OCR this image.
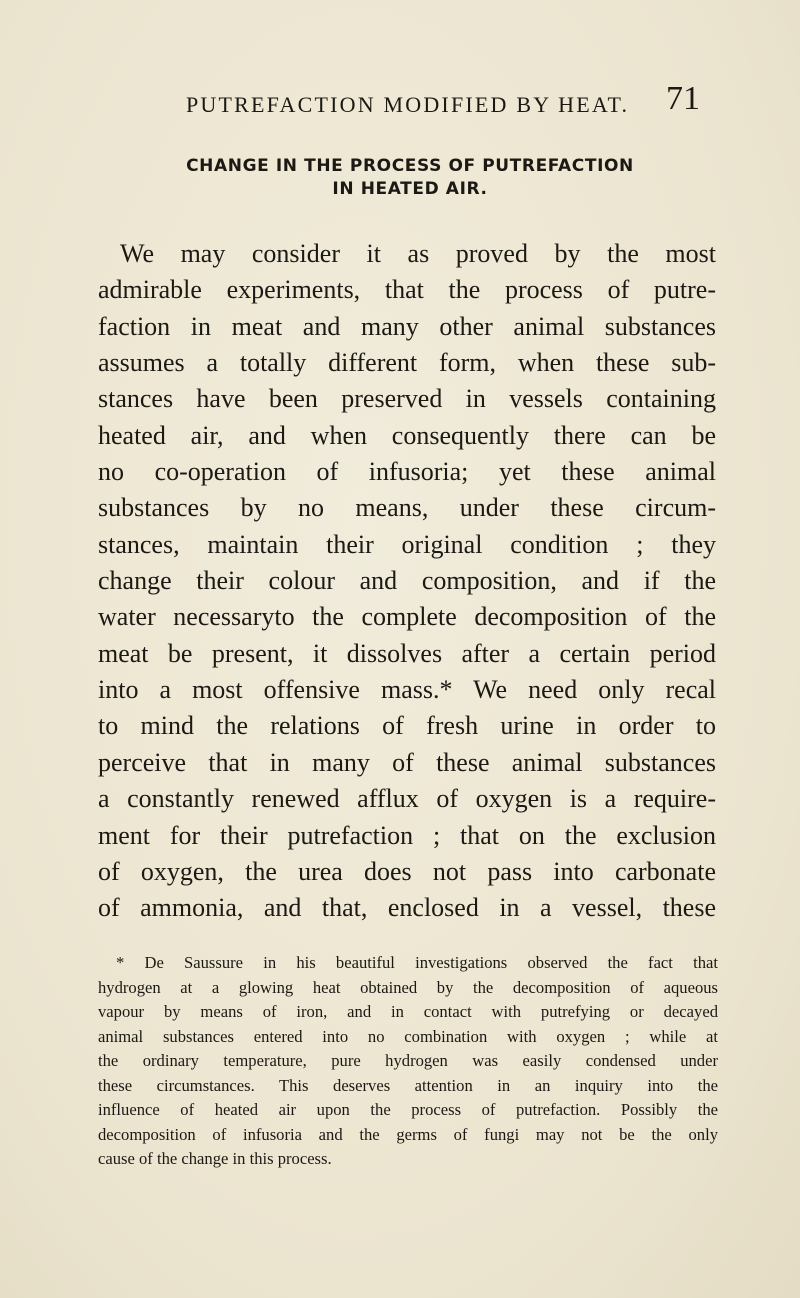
PUTREFACTION MODIFIED BY HEAT. 71
CHANGE IN THE PROCESS OF PUTREFACTION
IN HEATED AIR.

We may consider it as proved by the most
admirable experiments, that the process of putre-
faction in meat and many other animal substances
assumes a totally different form, when these sub-
stances have been preserved in vessels containing
heated air, and when consequently there can be
no co-operation of infusoria; yet these animal
substances by no means, under these circum-
stances, maintain their original condition ; they
change their colour and composition, and if the
water necessaryto the complete decomposition of the
meat be present, it dissolves after a certain period
into a most offensive mass.* We need only recal
to mind the relations of fresh urine in order to
perceive that in many of these animal substances
a constantly renewed afflux of oxygen is a require-
ment for their putrefaction ; that on the exclusion
of oxygen, the urea does not pass into carbonate
of ammonia, and that, enclosed in a vessel, these

* De Saussure in his beautiful investigations observed the fact that
hydrogen at a glowing heat obtained by the decomposition of aqueous
vapour by means of iron, and in contact with putrefying or decayed
animal substances entered into no combination with oxygen ; while at
the ordinary temperature, pure hydrogen was easily condensed under
these circumstances. This deserves attention in an inquiry into the
influence of heated air upon the process of putrefaction. Possibly the
decomposition of infusoria and the germs of fungi may not be the only
cause of the change in this process.
